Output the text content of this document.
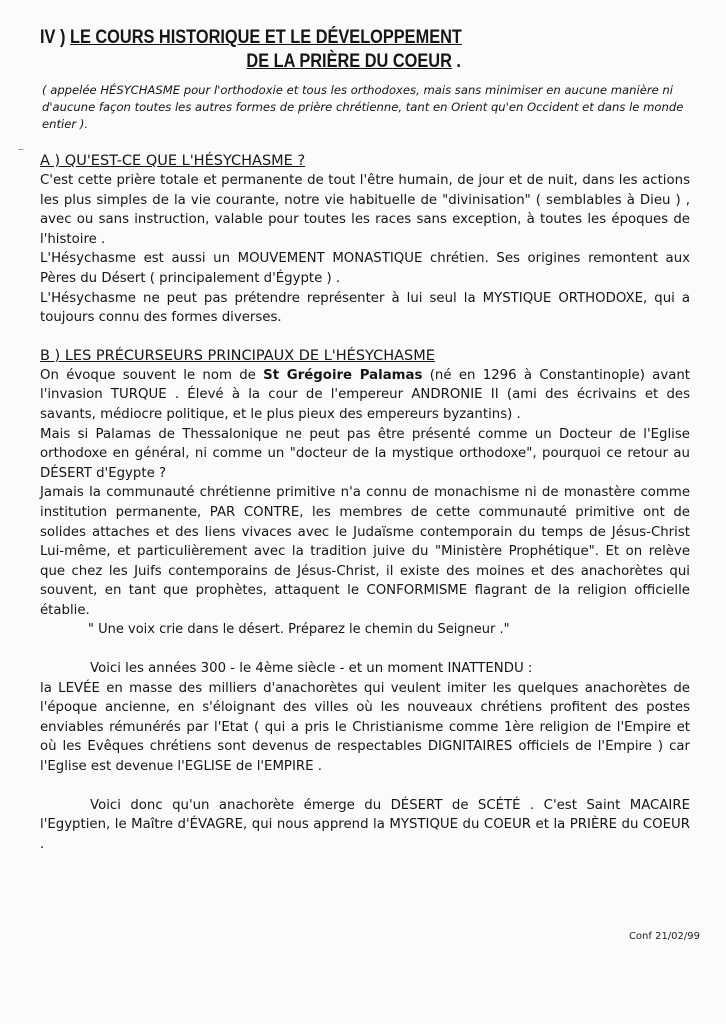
–
IV ) LE COURS HISTORIQUE ET LE DÉVELOPPEMENT
DE LA PRIÈRE DU COEUR .

( appelée HÉSYCHASME pour l'orthodoxie et tous les orthodoxes, mais sans minimiser en aucune manière ni d'aucune façon toutes les autres formes de prière chrétienne, tant en Orient qu'en Occident et dans le monde entier ).

A ) QU'EST-CE QUE L'HÉSYCHASME ?

C'est cette prière totale et permanente de tout l'être humain, de jour et de nuit, dans les actions les plus simples de la vie courante, notre vie habituelle de "divinisation" ( semblables à Dieu ) , avec ou sans instruction, valable pour toutes les races sans exception, à toutes les époques de l'histoire .

L'Hésychasme est aussi un MOUVEMENT MONASTIQUE chrétien. Ses origines remontent aux Pères du Désert ( principalement d'Égypte ) .

L'Hésychasme ne peut pas prétendre représenter à lui seul la MYSTIQUE ORTHODOXE, qui a toujours connu des formes diverses.

B ) LES PRÉCURSEURS PRINCIPAUX DE L'HÉSYCHASME

On évoque souvent le nom de St Grégoire Palamas (né en 1296 à Constantinople) avant l'invasion TURQUE . Élevé à la cour de l'empereur ANDRONIE II (ami des écrivains et des savants, médiocre politique, et le plus pieux des empereurs byzantins) .

Mais si Palamas de Thessalonique ne peut pas être présenté comme un Docteur de l'Eglise orthodoxe en général, ni comme un "docteur de la mystique orthodoxe", pourquoi ce retour au DÉSERT d'Egypte ?

Jamais la communauté chrétienne primitive n'a connu de monachisme ni de monastère comme institution permanente, PAR CONTRE, les membres de cette communauté primitive ont de solides attaches et des liens vivaces avec le Judaïsme contemporain du temps de Jésus-Christ Lui-même, et particulièrement avec la tradition juive du "Ministère Prophétique". Et on relève que chez les Juifs contemporains de Jésus-Christ, il existe des moines et des anachorètes qui souvent, en tant que prophètes, attaquent le CONFORMISME flagrant de la religion officielle établie.

" Une voix crie dans le désert. Préparez le chemin du Seigneur ."

Voici les années 300 - le 4ème siècle - et un moment INATTENDU :

la LEVÉE en masse des milliers d'anachorètes qui veulent imiter les quelques anachorètes de l'époque ancienne, en s'éloignant des villes où les nouveaux chrétiens profitent des postes enviables rémunérés par l'Etat ( qui a pris le Christianisme comme 1ère religion de l'Empire et où les Evêques chrétiens sont devenus de respectables DIGNITAIRES officiels de l'Empire ) car l'Eglise est devenue l'EGLISE de l'EMPIRE .

Voici donc qu'un anachorète émerge du DÉSERT de SCÉTÉ . C'est Saint MACAIRE l'Egyptien, le Maître d'ÉVAGRE, qui nous apprend la MYSTIQUE du COEUR et la PRIÈRE du COEUR .

Conf 21/02/99
